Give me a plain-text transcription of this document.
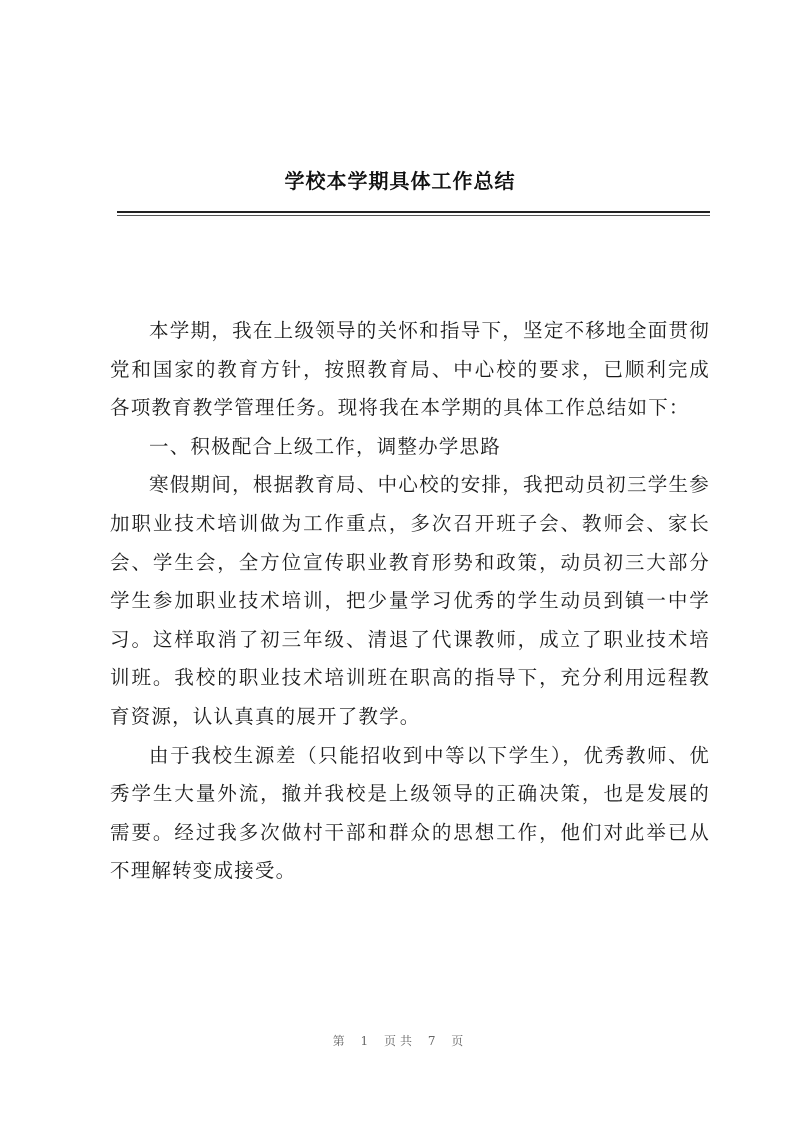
学校本学期具体工作总结

本学期，我在上级领导的关怀和指导下，坚定不移地全面贯彻党和国家的教育方针，按照教育局、中心校的要求，已顺利完成各项教育教学管理任务。现将我在本学期的具体工作总结如下：

一、积极配合上级工作，调整办学思路

寒假期间，根据教育局、中心校的安排，我把动员初三学生参加职业技术培训做为工作重点，多次召开班子会、教师会、家长会、学生会，全方位宣传职业教育形势和政策，动员初三大部分学生参加职业技术培训，把少量学习优秀的学生动员到镇一中学习。这样取消了初三年级、清退了代课教师，成立了职业技术培训班。我校的职业技术培训班在职高的指导下，充分利用远程教育资源，认认真真的展开了教学。

由于我校生源差（只能招收到中等以下学生），优秀教师、优秀学生大量外流，撤并我校是上级领导的正确决策，也是发展的需要。经过我多次做村干部和群众的思想工作，他们对此举已从不理解转变成接受。

第 1 页共 7 页
